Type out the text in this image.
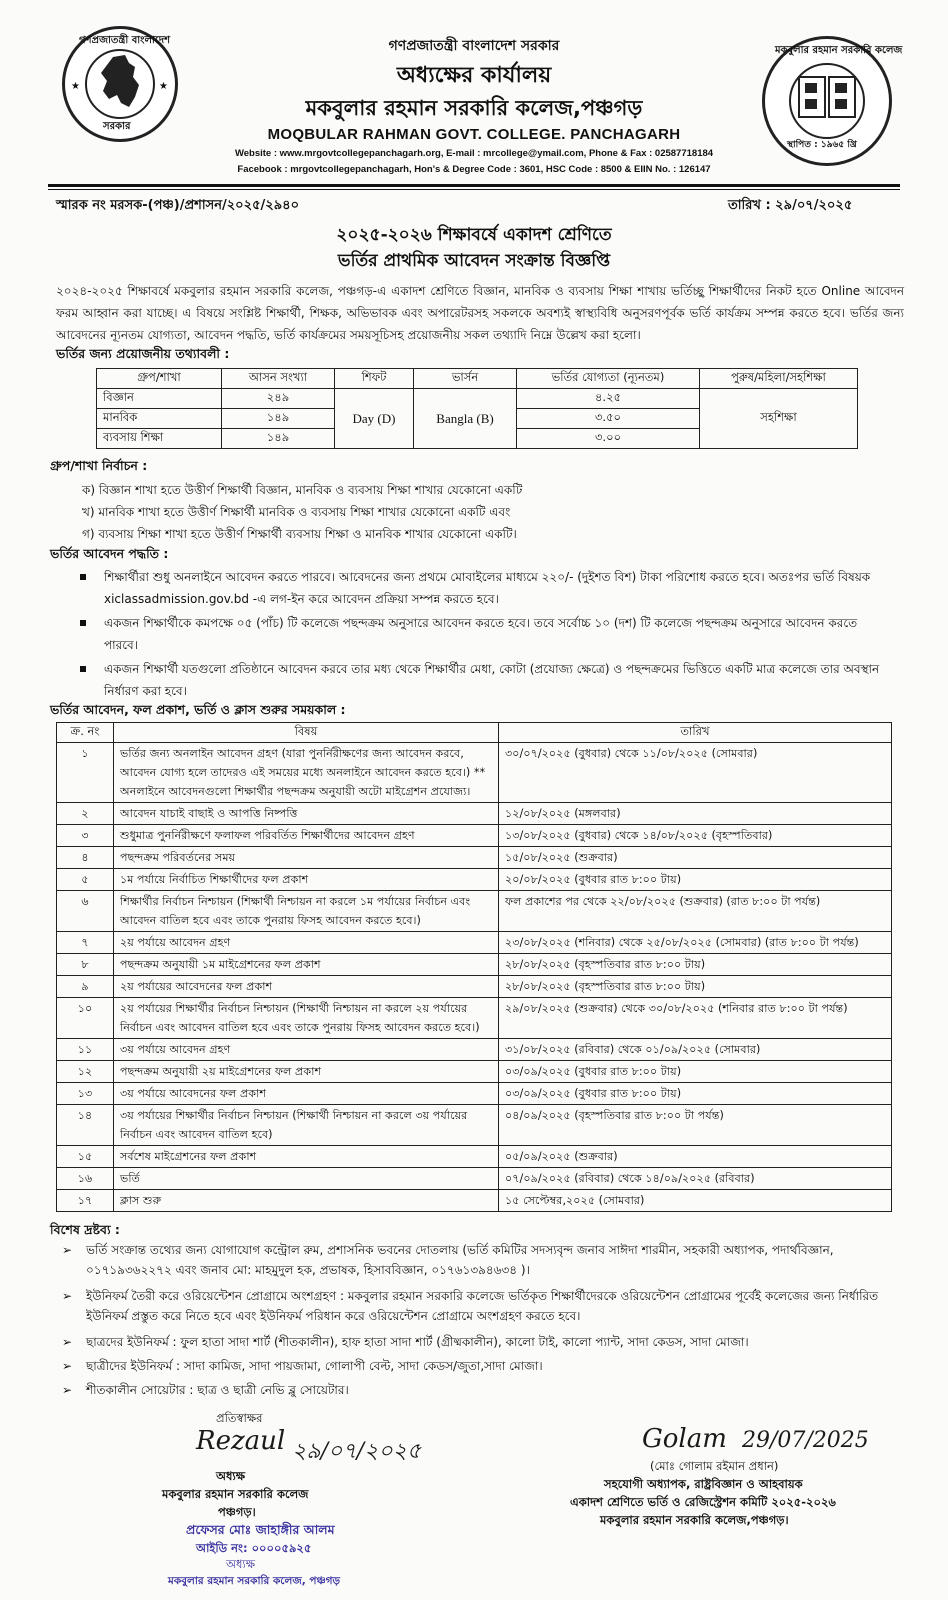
গণপ্রজাতন্ত্রী বাংলাদেশ
সরকার
★	★
মকবুলার রহমান সরকারি কলেজ
স্থাপিত : ১৯৬৫ খ্রি
গণপ্রজাতন্ত্রী বাংলাদেশ সরকার
অধ্যক্ষের কার্যালয়
মকবুলার রহমান সরকারি কলেজ,পঞ্চগড়
MOQBULAR RAHMAN GOVT. COLLEGE. PANCHAGARH
Website : www.mrgovtcollegepanchagarh.org, E-mail : mrcollege@ymail.com, Phone & Fax : 02587718184
Facebook : mrgovtcollegepanchagarh, Hon's & Degree Code : 3601, HSC Code : 8500 & EIIN No. : 126147
স্মারক নং মরসক-(পঞ্চ)/প্রশাসন/২০২৫/২৯৪০	তারিখ : ২৯/০৭/২০২৫
২০২৫-২০২৬ শিক্ষাবর্ষে একাদশ শ্রেণিতে
ভর্তির প্রাথমিক আবেদন সংক্রান্ত বিজ্ঞপ্তি
২০২৪-২০২৫ শিক্ষাবর্ষে মকবুলার রহমান সরকারি কলেজ, পঞ্চগড়-এ একাদশ শ্রেণিতে বিজ্ঞান, মানবিক ও ব্যবসায় শিক্ষা শাখায় ভর্তিচ্ছু শিক্ষার্থীদের নিকট হতে Online আবেদন ফরম আহ্বান করা যাচ্ছে। এ বিষয়ে সংশ্লিষ্ট শিক্ষার্থী, শিক্ষক, অভিভাবক এবং অপারেটরসহ সকলকে অবশ্যই স্বাস্থ্যবিধি অনুসরণপূর্বক ভর্তি কার্যক্রম সম্পন্ন করতে হবে। ভর্তির জন্য আবেদনের ন্যূনতম যোগ্যতা, আবেদন পদ্ধতি, ভর্তি কার্যক্রমের সময়সূচিসহ প্রয়োজনীয় সকল তথ্যাদি নিম্নে উল্লেখ করা হলো।
ভর্তির জন্য প্রয়োজনীয় তথ্যাবলী :
গ্রুপ/শাখা	আসন সংখ্যা	শিফট	ভার্সন	ভর্তির যোগ্যতা (ন্যূনতম)	পুরুষ/মহিলা/সহশিক্ষা
বিজ্ঞান	২৪৯	Day (D)	Bangla (B)	৪.২৫	সহশিক্ষা
মানবিক	১৪৯			৩.৫০	
ব্যবসায় শিক্ষা	১৪৯			৩.০০	
গ্রুপ/শাখা নির্বাচন :
ক) বিজ্ঞান শাখা হতে উত্তীর্ণ শিক্ষার্থী বিজ্ঞান, মানবিক ও ব্যবসায় শিক্ষা শাখার যেকোনো একটি
খ) মানবিক শাখা হতে উত্তীর্ণ শিক্ষার্থী মানবিক ও ব্যবসায় শিক্ষা শাখার যেকোনো একটি এবং
গ) ব্যবসায় শিক্ষা শাখা হতে উত্তীর্ণ শিক্ষার্থী ব্যবসায় শিক্ষা ও মানবিক শাখার যেকোনো একটি।
ভর্তির আবেদন পদ্ধতি :
শিক্ষার্থীরা শুধু অনলাইনে আবেদন করতে পারবে। আবেদনের জন্য প্রথমে মোবাইলের মাধ্যমে ২২০/- (দুইশত বিশ) টাকা পরিশোধ করতে হবে। অতঃপর ভর্তি বিষয়ক xiclassadmission.gov.bd -এ লগ-ইন করে আবেদন প্রক্রিয়া সম্পন্ন করতে হবে।
একজন শিক্ষার্থীকে কমপক্ষে ০৫ (পাঁচ) টি কলেজে পছন্দক্রম অনুসারে আবেদন করতে হবে। তবে সর্বোচ্চ ১০ (দশ) টি কলেজে পছন্দক্রম অনুসারে আবেদন করতে পারবে।
একজন শিক্ষার্থী যতগুলো প্রতিষ্ঠানে আবেদন করবে তার মধ্য থেকে শিক্ষার্থীর মেধা, কোটা (প্রযোজ্য ক্ষেত্রে) ও পছন্দক্রমের ভিত্তিতে একটি মাত্র কলেজে তার অবস্থান নির্ধারণ করা হবে।
ভর্তির আবেদন, ফল প্রকাশ, ভর্তি ও ক্লাস শুরুর সময়কাল :
ক্র. নং	বিষয়	তারিখ
১	ভর্তির জন্য অনলাইন আবেদন গ্রহণ (যারা পুনর্নিরীক্ষণের জন্য আবেদন করবে, আবেদন যোগ্য হলে তাদেরও এই সময়ের মধ্যে অনলাইনে আবেদন করতে হবে।) ** অনলাইনে আবেদনগুলো শিক্ষার্থীর পছন্দক্রম অনুযায়ী অটো মাইগ্রেশন প্রযোজ্য।	৩০/০৭/২০২৫ (বুধবার) থেকে ১১/০৮/২০২৫ (সোমবার)
২	আবেদন যাচাই বাছাই ও আপত্তি নিষ্পত্তি	১২/০৮/২০২৫ (মঙ্গলবার)
৩	শুধুমাত্র পুনর্নিরীক্ষণে ফলাফল পরিবর্তিত শিক্ষার্থীদের আবেদন গ্রহণ	১৩/০৮/২০২৫ (বুধবার) থেকে ১৪/০৮/২০২৫ (বৃহস্পতিবার)
৪	পছন্দক্রম পরিবর্তনের সময়	১৫/০৮/২০২৫ (শুক্রবার)
৫	১ম পর্যায়ে নির্বাচিত শিক্ষার্থীদের ফল প্রকাশ	২০/০৮/২০২৫ (বুধবার রাত ৮:০০ টায়)
৬	শিক্ষার্থীর নির্বাচন নিশ্চায়ন (শিক্ষার্থী নিশ্চায়ন না করলে ১ম পর্যায়ের নির্বাচন এবং আবেদন বাতিল হবে এবং তাকে পুনরায় ফিসহ আবেদন করতে হবে।)	ফল প্রকাশের পর থেকে ২২/০৮/২০২৫ (শুক্রবার) (রাত ৮:০০ টা পর্যন্ত)
৭	২য় পর্যায়ে আবেদন গ্রহণ	২৩/০৮/২০২৫ (শনিবার) থেকে ২৫/০৮/২০২৫ (সোমবার) (রাত ৮:০০ টা পর্যন্ত)
৮	পছন্দক্রম অনুযায়ী ১ম মাইগ্রেশনের ফল প্রকাশ	২৮/০৮/২০২৫ (বৃহস্পতিবার রাত ৮:০০ টায়)
৯	২য় পর্যায়ের আবেদনের ফল প্রকাশ	২৮/০৮/২০২৫ (বৃহস্পতিবার রাত ৮:০০ টায়)
১০	২য় পর্যায়ের শিক্ষার্থীর নির্বাচন নিশ্চায়ন (শিক্ষার্থী নিশ্চায়ন না করলে ২য় পর্যায়ের নির্বাচন এবং আবেদন বাতিল হবে এবং তাকে পুনরায় ফিসহ আবেদন করতে হবে।)	২৯/০৮/২০২৫ (শুক্রবার) থেকে ৩০/০৮/২০২৫ (শনিবার রাত ৮:০০ টা পর্যন্ত)
১১	৩য় পর্যায়ে আবেদন গ্রহণ	৩১/০৮/২০২৫ (রবিবার) থেকে ০১/০৯/২০২৫ (সোমবার)
১২	পছন্দক্রম অনুযায়ী ২য় মাইগ্রেশনের ফল প্রকাশ	০৩/০৯/২০২৫ (বুধবার রাত ৮:০০ টায়)
১৩	৩য় পর্যায়ে আবেদনের ফল প্রকাশ	০৩/০৯/২০২৫ (বুধবার রাত ৮:০০ টায়)
১৪	৩য় পর্যায়ের শিক্ষার্থীর নির্বাচন নিশ্চায়ন (শিক্ষার্থী নিশ্চায়ন না করলে ৩য় পর্যায়ের নির্বাচন এবং আবেদন বাতিল হবে)	০৪/০৯/২০২৫ (বৃহস্পতিবার রাত ৮:০০ টা পর্যন্ত)
১৫	সর্বশেষ মাইগ্রেশনের ফল প্রকাশ	০৫/০৯/২০২৫ (শুক্রবার)
১৬	ভর্তি	০৭/০৯/২০২৫ (রবিবার) থেকে ১৪/০৯/২০২৫ (রবিবার)
১৭	ক্লাস শুরু	১৫ সেপ্টেম্বর,২০২৫ (সোমবার)
বিশেষ দ্রষ্টব্য :
➢ ভর্তি সংক্রান্ত তথ্যের জন্য যোগাযোগ কন্ট্রোল রুম, প্রশাসনিক ভবনের দোতলায় (ভর্তি কমিটির সদস্যবৃন্দ জনাব সাঈদা শারমীন, সহকারী অধ্যাপক, পদার্থবিজ্ঞান, ০১৭১৯৩৬২২৭২ এবং জনাব মো: মাহমুদুল হক, প্রভাষক, হিসাববিজ্ঞান, ০১৭৬১৩৯৪৬৩৪ )।
➢ ইউনিফর্ম তৈরী করে ওরিয়েন্টেশন প্রোগ্রামে অংশগ্রহণ : মকবুলার রহমান সরকারি কলেজে ভর্তিকৃত শিক্ষার্থীদেরকে ওরিয়েন্টেশন প্রোগ্রামের পূর্বেই কলেজের জন্য নির্ধারিত ইউনিফর্ম প্রস্তুত করে নিতে হবে এবং ইউনিফর্ম পরিধান করে ওরিয়েন্টেশন প্রোগ্রামে অংশগ্রহণ করতে হবে।
➢ ছাত্রদের ইউনিফর্ম : ফুল হাতা সাদা শার্ট (শীতকালীন), হাফ হাতা সাদা শার্ট (গ্রীষ্মকালীন), কালো টাই, কালো প্যান্ট, সাদা কেডস, সাদা মোজা।
➢ ছাত্রীদের ইউনিফর্ম : সাদা কামিজ, সাদা পায়জামা, গোলাপী বেল্ট, সাদা কেডস/জুতা,সাদা মোজা।
➢ শীতকালীন সোয়েটার : ছাত্র ও ছাত্রী নেভি ব্লু সোয়েটার।
প্রতিস্বাক্ষর
Rezaul ২৯/০৭/২০২৫
অধ্যক্ষ
মকবুলার রহমান সরকারি কলেজ
পঞ্চগড়।
প্রফেসর মোঃ জাহাঙ্গীর আলম
আইডি নং: ০০০০৫৯২৫
অধ্যক্ষ
মকবুলার রহমান সরকারি কলেজ, পঞ্চগড়
Golam 29/07/2025
(মোঃ গোলাম রইমান প্রধান)
সহযোগী অধ্যাপক, রাষ্ট্রবিজ্ঞান ও আহবায়ক
একাদশ শ্রেণিতে ভর্তি ও রেজিস্ট্রেশন কমিটি ২০২৫-২০২৬
মকবুলার রহমান সরকারি কলেজ,পঞ্চগড়।
